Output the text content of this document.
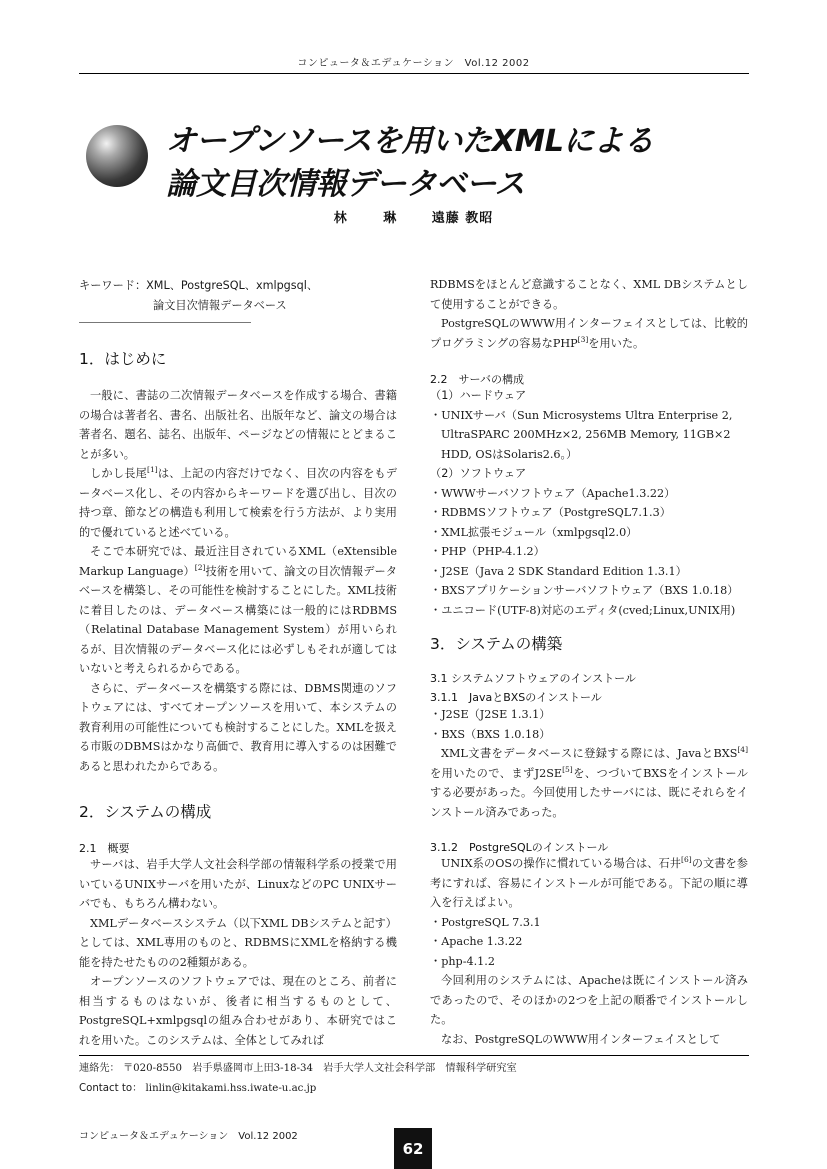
コンピュータ＆エデュケーション　Vol.12 2002
オープンソースを用いたXMLによる
論文目次情報データベース
林 琳 遠藤 教昭
キーワード：XML、PostgreSQL、xmlpgsql、
論文目次情報データベース
1．はじめに

一般に、書誌の二次情報データベースを作成する場合、書籍の場合は著者名、書名、出版社名、出版年など、論文の場合は著者名、題名、誌名、出版年、ページなどの情報にとどまることが多い。

しかし長尾[1]は、上記の内容だけでなく、目次の内容をもデータベース化し、その内容からキーワードを選び出し、目次の持つ章、節などの構造も利用して検索を行う方法が、より実用的で優れていると述べている。

そこで本研究では、最近注目されているXML（eXtensible Markup Language）[2]技術を用いて、論文の目次情報データベースを構築し、その可能性を検討することにした。XML技術に着目したのは、データベース構築には一般的にはRDBMS（Relatinal Database Management System）が用いられるが、目次情報のデータベース化には必ずしもそれが適してはいないと考えられるからである。

さらに、データベースを構築する際には、DBMS関連のソフトウェアには、すべてオープンソースを用いて、本システムの教育利用の可能性についても検討することにした。XMLを扱える市販のDBMSはかなり高価で、教育用に導入するのは困難であると思われたからである。

2．システムの構成
2.1　概要

サーバは、岩手大学人文社会科学部の情報科学系の授業で用いているUNIXサーバを用いたが、LinuxなどのPC UNIXサーバでも、もちろん構わない。

XMLデータベースシステム（以下XML DBシステムと記す）としては、XML専用のものと、RDBMSにXMLを格納する機能を持たせたものの2種類がある。

オープンソースのソフトウェアでは、現在のところ、前者に相当するものはないが、後者に相当するものとして、PostgreSQL+xmlpgsqlの組み合わせがあり、本研究ではこれを用いた。このシステムは、全体としてみれば

RDBMSをほとんど意識することなく、XML DBシステムとして使用することができる。

PostgreSQLのWWW用インターフェイスとしては、比較的プログラミングの容易なPHP[3]を用いた。

2.2　サーバの構成
（1）ハードウェア
・UNIXサーバ（Sun Microsystems Ultra Enterprise 2, UltraSPARC 200MHz×2, 256MB Memory, 11GB×2 HDD, OSはSolaris2.6。）
（2）ソフトウェア
・WWWサーバソフトウェア（Apache1.3.22）
・RDBMSソフトウェア（PostgreSQL7.1.3）
・XML拡張モジュール（xmlpgsql2.0）
・PHP（PHP-4.1.2）
・J2SE（Java 2 SDK Standard Edition 1.3.1）
・BXSアプリケーションサーバソフトウェア（BXS 1.0.18）
・ユニコード(UTF-8)対応のエディタ(cved;Linux,UNIX用)
3．システムの構築
3.1 システムソフトウェアのインストール
3.1.1　JavaとBXSのインストール
・J2SE（J2SE 1.3.1）
・BXS（BXS 1.0.18）

XML文書をデータベースに登録する際には、JavaとBXS[4]を用いたので、まずJ2SE[5]を、つづいてBXSをインストールする必要があった。今回使用したサーバには、既にそれらをインストール済みであった。

3.1.2　PostgreSQLのインストール

UNIX系のOSの操作に慣れている場合は、石井[6]の文書を参考にすれば、容易にインストールが可能である。下記の順に導入を行えばよい。

・PostgreSQL 7.3.1
・Apache 1.3.22
・php-4.1.2

今回利用のシステムには、Apacheは既にインストール済みであったので、そのほかの2つを上記の順番でインストールした。

なお、PostgreSQLのWWW用インターフェイスとして

連絡先： 〒020-8550　岩手県盛岡市上田3-18-34　岩手大学人文社会科学部　情報科学研究室
Contact to： linlin@kitakami.hss.iwate-u.ac.jp
コンピュータ＆エデュケーション　Vol.12 2002
62
